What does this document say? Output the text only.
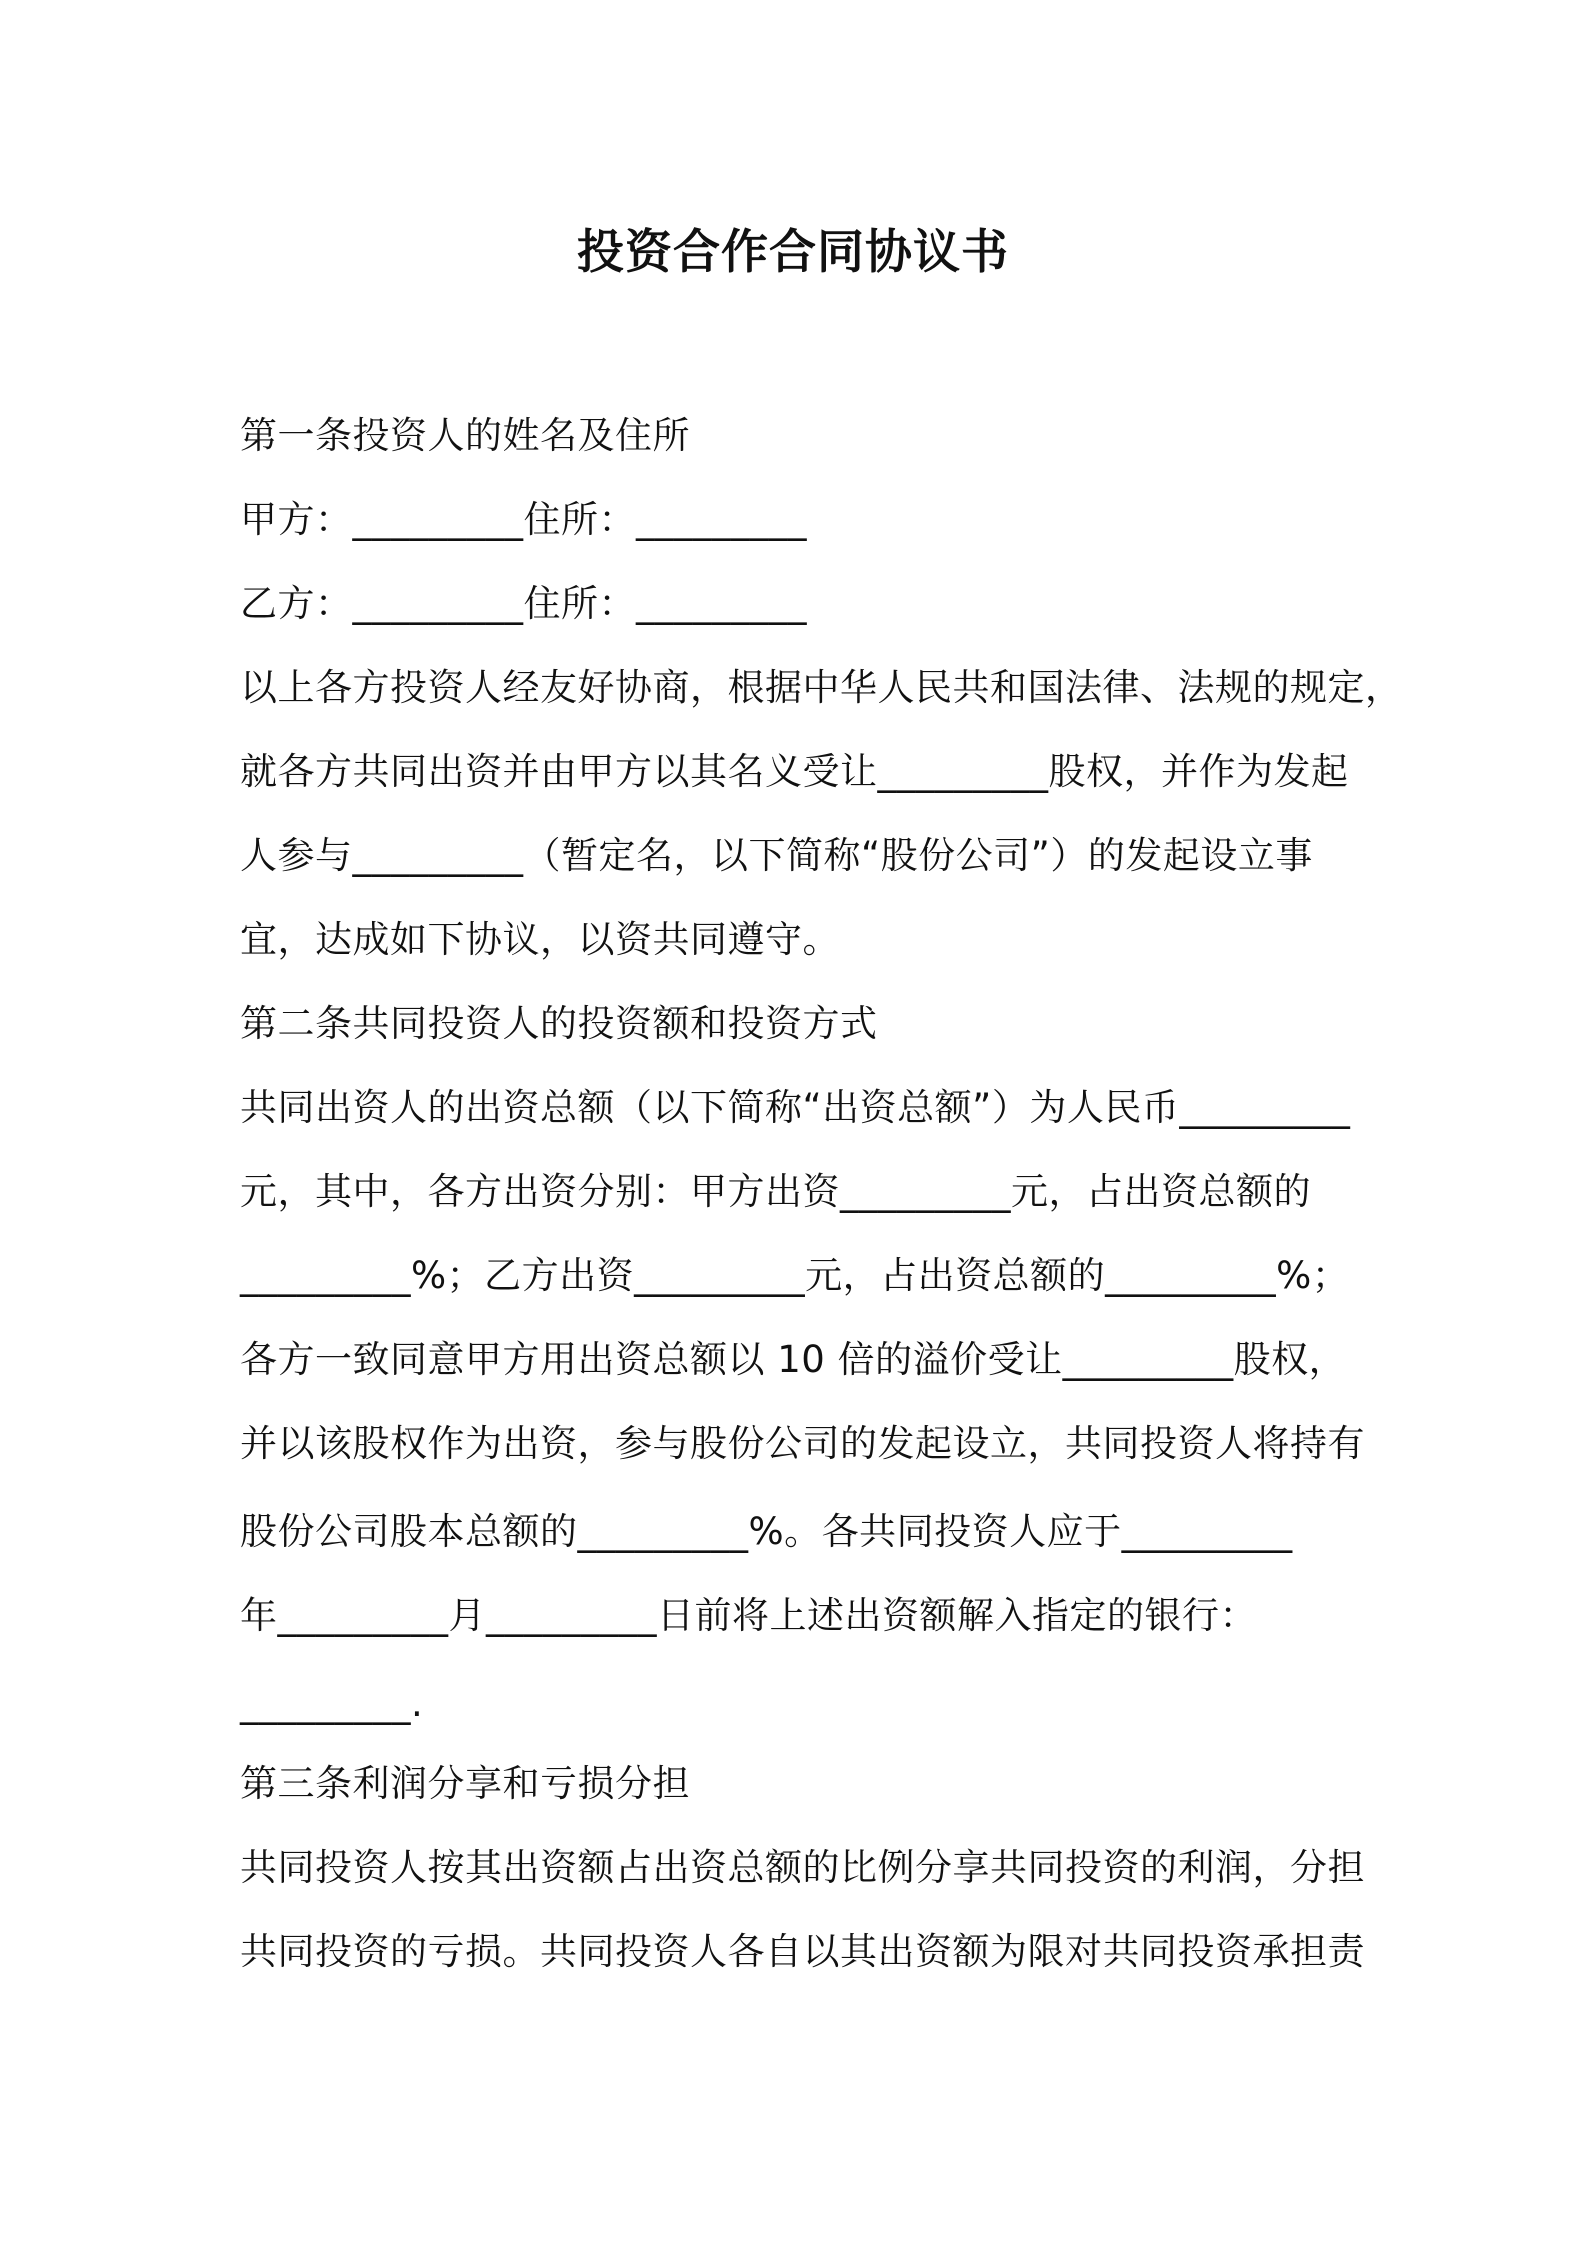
投资合作合同协议书
第一条投资人的姓名及住所
甲方：_________住所：_________
乙方：_________住所：_________
以上各方投资人经友好协商，根据中华人民共和国法律、法规的规定，
就各方共同出资并由甲方以其名义受让_________股权，并作为发起
人参与_________（暂定名，以下简称“股份公司”）的发起设立事
宜，达成如下协议，以资共同遵守。
第二条共同投资人的投资额和投资方式
共同出资人的出资总额（以下简称“出资总额”）为人民币_________
元，其中，各方出资分别：甲方出资_________元，占出资总额的
_________%；乙方出资_________元，占出资总额的_________%；
各方一致同意甲方用出资总额以 10 倍的溢价受让_________股权，
并以该股权作为出资，参与股份公司的发起设立，共同投资人将持有
股份公司股本总额的_________%。各共同投资人应于_________
年_________月_________日前将上述出资额解入指定的银行：
_________.
第三条利润分享和亏损分担
共同投资人按其出资额占出资总额的比例分享共同投资的利润，分担
共同投资的亏损。共同投资人各自以其出资额为限对共同投资承担责
